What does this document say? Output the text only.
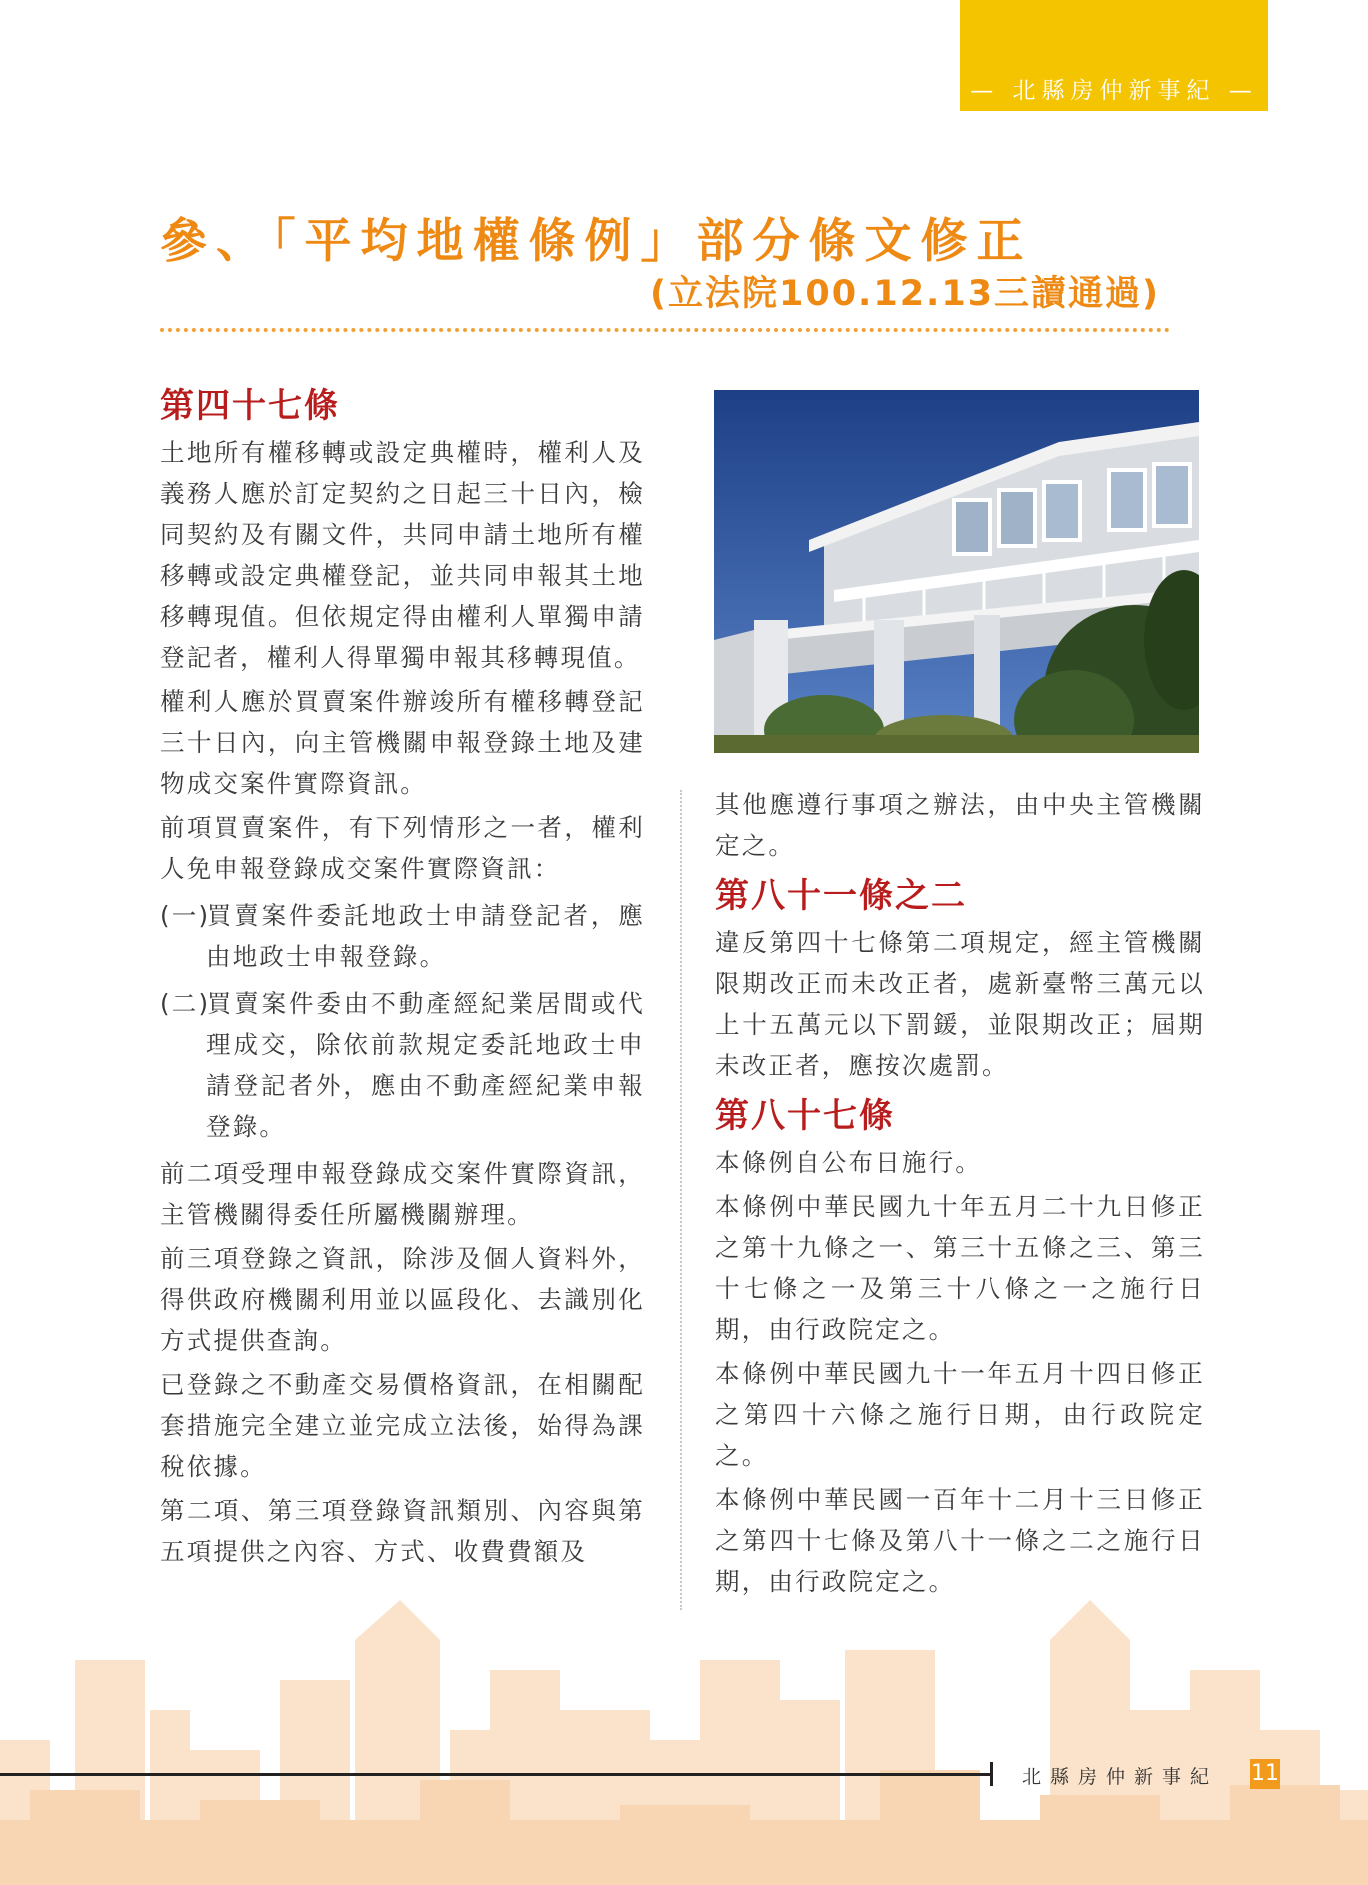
— 北縣房仲新事紀 —
參、「平均地權條例」部分條文修正
(立法院100.12.13三讀通過)
第四十七條

土地所有權移轉或設定典權時，權利人及義務人應於訂定契約之日起三十日內，檢同契約及有關文件，共同申請土地所有權移轉或設定典權登記，並共同申報其土地移轉現值。但依規定得由權利人單獨申請登記者，權利人得單獨申報其移轉現值。

權利人應於買賣案件辦竣所有權移轉登記三十日內，向主管機關申報登錄土地及建物成交案件實際資訊。

前項買賣案件，有下列情形之一者，權利人免申報登錄成交案件實際資訊：

(一)買賣案件委託地政士申請登記者，應由地政士申報登錄。

(二)買賣案件委由不動產經紀業居間或代理成交，除依前款規定委託地政士申請登記者外，應由不動產經紀業申報登錄。

前二項受理申報登錄成交案件實際資訊，主管機關得委任所屬機關辦理。

前三項登錄之資訊，除涉及個人資料外，得供政府機關利用並以區段化、去識別化方式提供查詢。

已登錄之不動產交易價格資訊，在相關配套措施完全建立並完成立法後，始得為課稅依據。

第二項、第三項登錄資訊類別、內容與第五項提供之內容、方式、收費費額及

其他應遵行事項之辦法，由中央主管機關定之。

第八十一條之二

違反第四十七條第二項規定，經主管機關限期改正而未改正者，處新臺幣三萬元以上十五萬元以下罰鍰，並限期改正；屆期未改正者，應按次處罰。

第八十七條

本條例自公布日施行。

本條例中華民國九十年五月二十九日修正之第十九條之一、第三十五條之三、第三十七條之一及第三十八條之一之施行日期，由行政院定之。

本條例中華民國九十一年五月十四日修正之第四十六條之施行日期，由行政院定之。

本條例中華民國一百年十二月十三日修正之第四十七條及第八十一條之二之施行日期，由行政院定之。

北縣房仲新事紀 11
